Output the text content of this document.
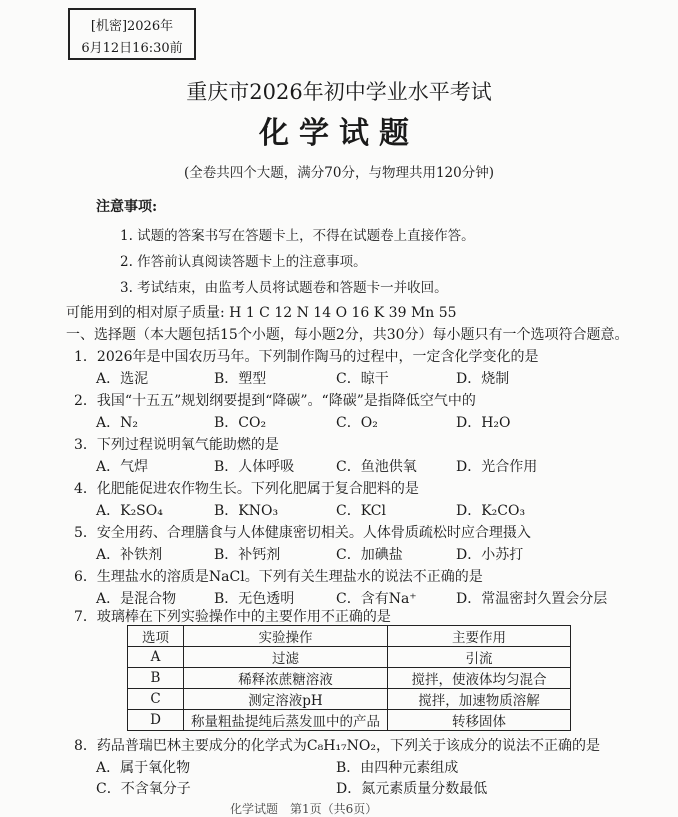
[机密]2026年
6月12日16:30前
重庆市2026年初中学业水平考试
化学试题
(全卷共四个大题，满分70分，与物理共用120分钟)
注意事项:
1. 试题的答案书写在答题卡上，不得在试题卷上直接作答。
2. 作答前认真阅读答题卡上的注意事项。
3. 考试结束，由监考人员将试题卷和答题卡一并收回。
可能用到的相对原子质量: H 1 C 12 N 14 O 16 K 39 Mn 55
一、选择题（本大题包括15个小题，每小题2分，共30分）每小题只有一个选项符合题意。
1．2026年是中国农历马年。下列制作陶马的过程中，一定含化学变化的是
A．选泥	B．塑型	C．晾干	D．烧制
2．我国“十五五”规划纲要提到“降碳”。“降碳”是指降低空气中的
A．N₂	B．CO₂	C．O₂	D．H₂O
3．下列过程说明氧气能助燃的是
A．气焊	B．人体呼吸	C．鱼池供氧	D．光合作用
4．化肥能促进农作物生长。下列化肥属于复合肥料的是
A．K₂SO₄	B．KNO₃	C．KCl	D．K₂CO₃
5．安全用药、合理膳食与人体健康密切相关。人体骨质疏松时应合理摄入
A．补铁剂	B．补钙剂	C．加碘盐	D．小苏打
6．生理盐水的溶质是NaCl。下列有关生理盐水的说法不正确的是
A．是混合物	B．无色透明	C．含有Na⁺	D．常温密封久置会分层
7．玻璃棒在下列实验操作中的主要作用不正确的是
选项	实验操作	主要作用
A	过滤	引流
B	稀释浓蔗糖溶液	搅拌，使液体均匀混合
C	测定溶液pH	搅拌，加速物质溶解
D	称量粗盐提纯后蒸发皿中的产品	转移固体
8．药品普瑞巴林主要成分的化学式为C₈H₁₇NO₂，下列关于该成分的说法不正确的是
A．属于氧化物	B．由四种元素组成
C．不含氧分子	D．氮元素质量分数最低
化学试题　第1页（共6页）
